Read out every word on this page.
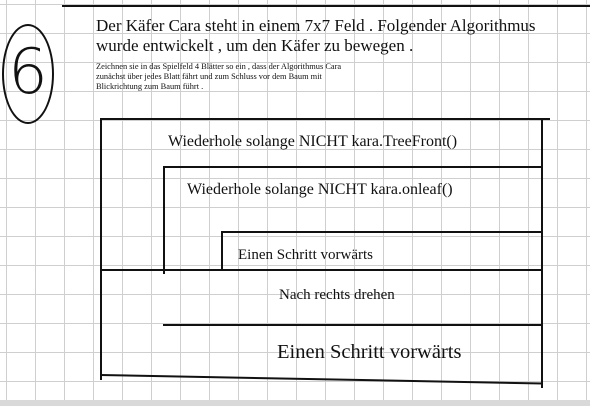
6
Der Käfer Cara steht in einem 7x7 Feld . Folgender Algorithmus
wurde entwickelt , um den Käfer zu bewegen .
Zeichnen sie in das Spielfeld 4 Blätter so ein , dass der Algorithmus Cara
zunächst über jedes Blatt fährt und zum Schluss vor dem Baum mit
Blickrichtung zum Baum führt .
Wiederhole solange NICHT kara.TreeFront()
Wiederhole solange NICHT kara.onleaf()
Einen Schritt vorwärts
Nach rechts drehen
Einen Schritt vorwärts
